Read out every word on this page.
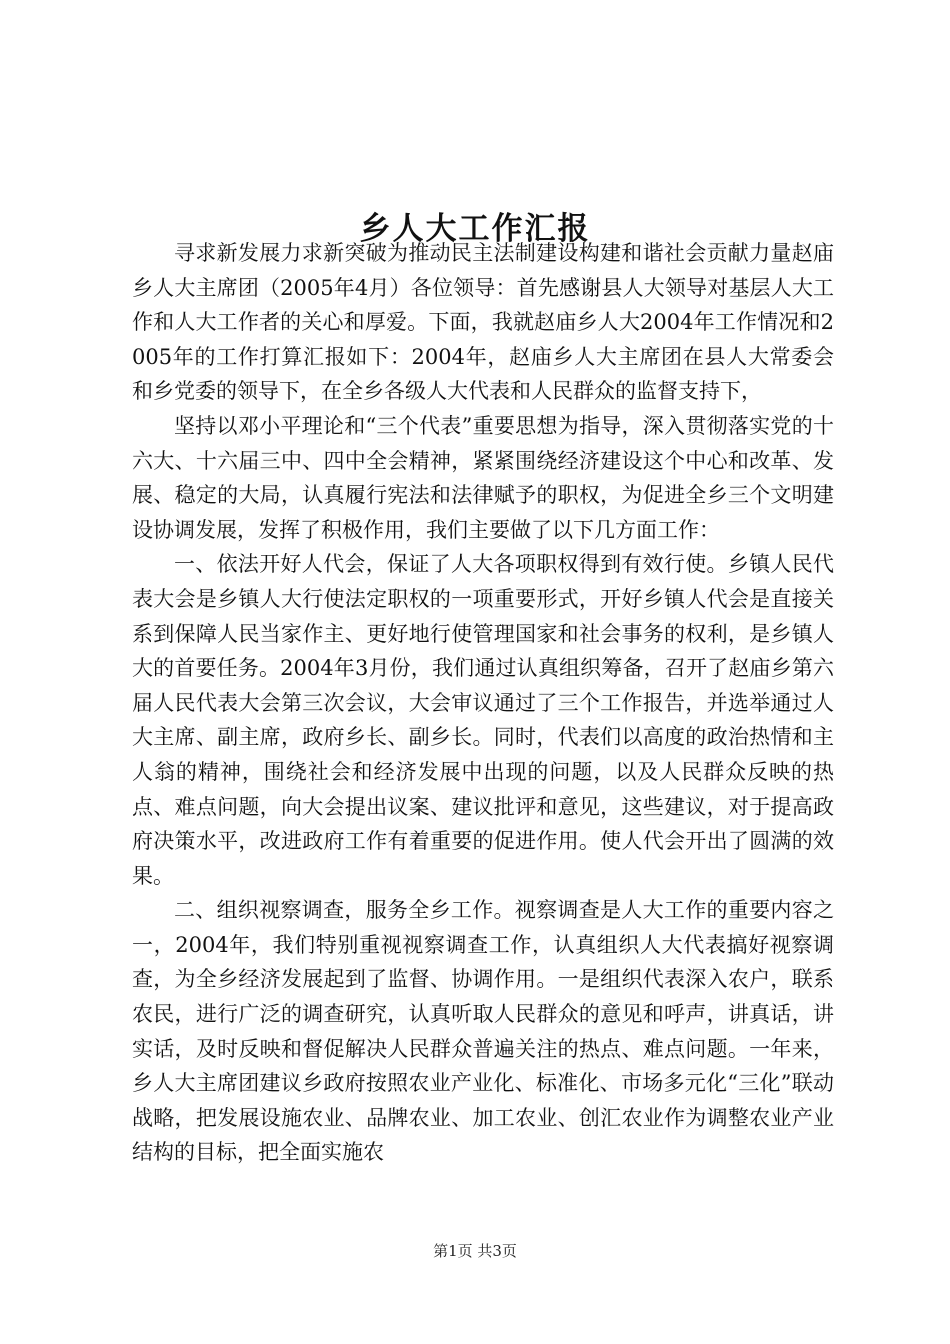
乡人大工作汇报

寻求新发展力求新突破为推动民主法制建设构建和谐社会贡献力量赵庙乡人大主席团（2005年4月）各位领导：首先感谢县人大领导对基层人大工作和人大工作者的关心和厚爱。下面，我就赵庙乡人大2004年工作情况和2005年的工作打算汇报如下：2004年，赵庙乡人大主席团在县人大常委会和乡党委的领导下，在全乡各级人大代表和人民群众的监督支持下，

坚持以邓小平理论和“三个代表”重要思想为指导，深入贯彻落实党的十六大、十六届三中、四中全会精神，紧紧围绕经济建设这个中心和改革、发展、稳定的大局，认真履行宪法和法律赋予的职权，为促进全乡三个文明建设协调发展，发挥了积极作用，我们主要做了以下几方面工作：

一、依法开好人代会，保证了人大各项职权得到有效行使。乡镇人民代表大会是乡镇人大行使法定职权的一项重要形式，开好乡镇人代会是直接关系到保障人民当家作主、更好地行使管理国家和社会事务的权利，是乡镇人大的首要任务。2004年3月份，我们通过认真组织筹备，召开了赵庙乡第六届人民代表大会第三次会议，大会审议通过了三个工作报告，并选举通过人大主席、副主席，政府乡长、副乡长。同时，代表们以高度的政治热情和主人翁的精神，围绕社会和经济发展中出现的问题，以及人民群众反映的热点、难点问题，向大会提出议案、建议批评和意见，这些建议，对于提高政府决策水平，改进政府工作有着重要的促进作用。使人代会开出了圆满的效果。

二、组织视察调查，服务全乡工作。视察调查是人大工作的重要内容之一，2004年，我们特别重视视察调查工作，认真组织人大代表搞好视察调查，为全乡经济发展起到了监督、协调作用。一是组织代表深入农户，联系农民，进行广泛的调查研究，认真听取人民群众的意见和呼声，讲真话，讲实话，及时反映和督促解决人民群众普遍关注的热点、难点问题。一年来，乡人大主席团建议乡政府按照农业产业化、标准化、市场多元化“三化”联动战略，把发展设施农业、品牌农业、加工农业、创汇农业作为调整农业产业结构的目标，把全面实施农

第1页 共3页
